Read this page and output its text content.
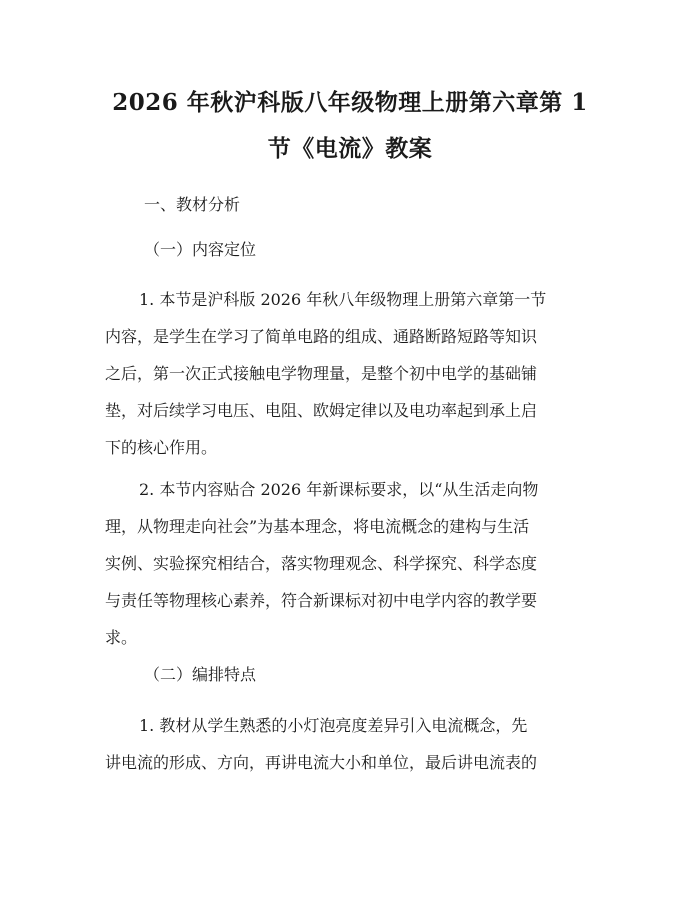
2026 年秋沪科版八年级物理上册第六章第 1
节《电流》教案
一、教材分析
（一）内容定位
1. 本节是沪科版 2026 年秋八年级物理上册第六章第一节
内容，是学生在学习了简单电路的组成、通路断路短路等知识
之后，第一次正式接触电学物理量，是整个初中电学的基础铺
垫，对后续学习电压、电阻、欧姆定律以及电功率起到承上启
下的核心作用。
2. 本节内容贴合 2026 年新课标要求，以“从生活走向物
理，从物理走向社会”为基本理念，将电流概念的建构与生活
实例、实验探究相结合，落实物理观念、科学探究、科学态度
与责任等物理核心素养，符合新课标对初中电学内容的教学要
求。
（二）编排特点
1. 教材从学生熟悉的小灯泡亮度差异引入电流概念，先
讲电流的形成、方向，再讲电流大小和单位，最后讲电流表的
